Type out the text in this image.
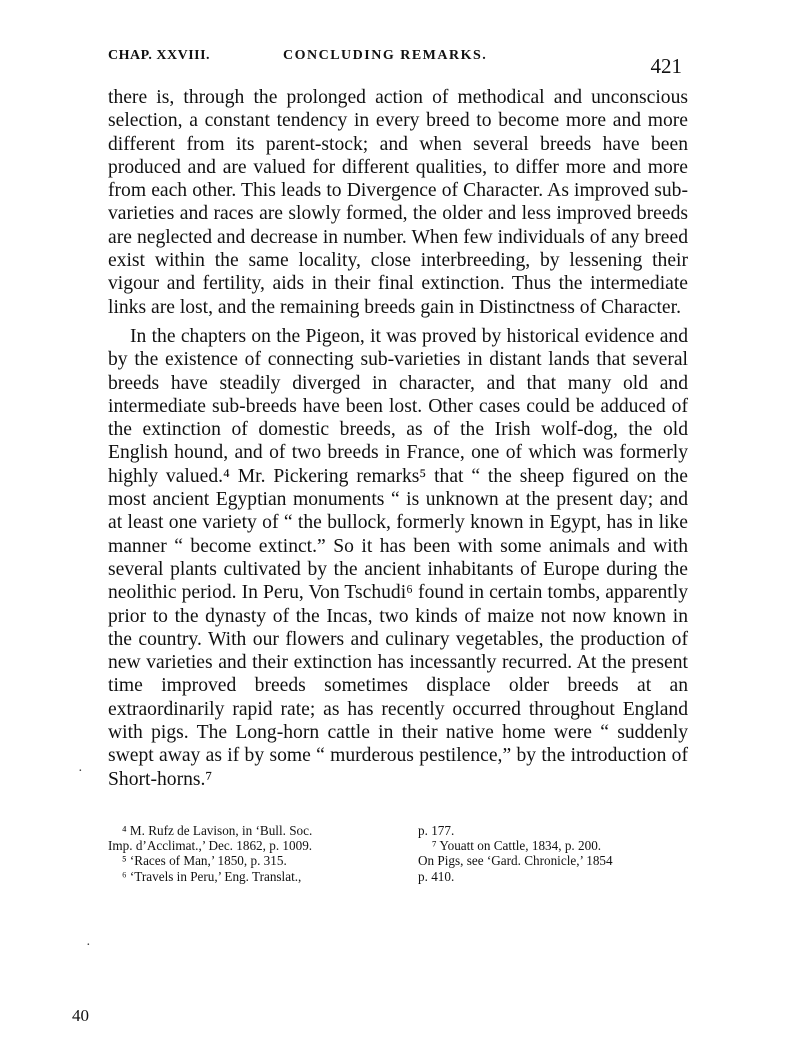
CHAP. XXVIII.	CONCLUDING REMARKS.	421

there is, through the prolonged action of methodical and unconscious selection, a constant tendency in every breed to become more and more different from its parent-stock; and when several breeds have been produced and are valued for different qualities, to differ more and more from each other. This leads to Divergence of Character. As improved sub-varieties and races are slowly formed, the older and less improved breeds are neglected and decrease in number. When few individuals of any breed exist within the same locality, close interbreeding, by lessening their vigour and fertility, aids in their final extinction. Thus the intermediate links are lost, and the remaining breeds gain in Distinctness of Character.

In the chapters on the Pigeon, it was proved by historical evidence and by the existence of connecting sub-varieties in distant lands that several breeds have steadily diverged in character, and that many old and intermediate sub-breeds have been lost. Other cases could be adduced of the extinction of domestic breeds, as of the Irish wolf-dog, the old English hound, and of two breeds in France, one of which was formerly highly valued.⁴ Mr. Pickering remarks⁵ that “ the sheep figured on the most ancient Egyptian monuments “ is unknown at the present day; and at least one variety of “ the bullock, formerly known in Egypt, has in like manner “ become extinct.” So it has been with some animals and with several plants cultivated by the ancient inhabitants of Europe during the neolithic period. In Peru, Von Tschudi⁶ found in certain tombs, apparently prior to the dynasty of the Incas, two kinds of maize not now known in the country. With our flowers and culinary vegetables, the production of new varieties and their extinction has incessantly recurred. At the present time improved breeds sometimes displace older breeds at an extraordinarily rapid rate; as has recently occurred throughout England with pigs. The Long-horn cattle in their native home were “ suddenly swept away as if by some “ murderous pestilence,” by the introduction of Short-horns.⁷

⁴ M. Rufz de Lavison, in ‘Bull. Soc.
Imp. d’Acclimat.,’ Dec. 1862, p. 1009.
⁵ ‘Races of Man,’ 1850, p. 315.
⁶ ‘Travels in Peru,’ Eng. Translat.,
p. 177.
⁷ Youatt on Cattle, 1834, p. 200.
On Pigs, see ‘Gard. Chronicle,’ 1854
p. 410.
40
·
·
